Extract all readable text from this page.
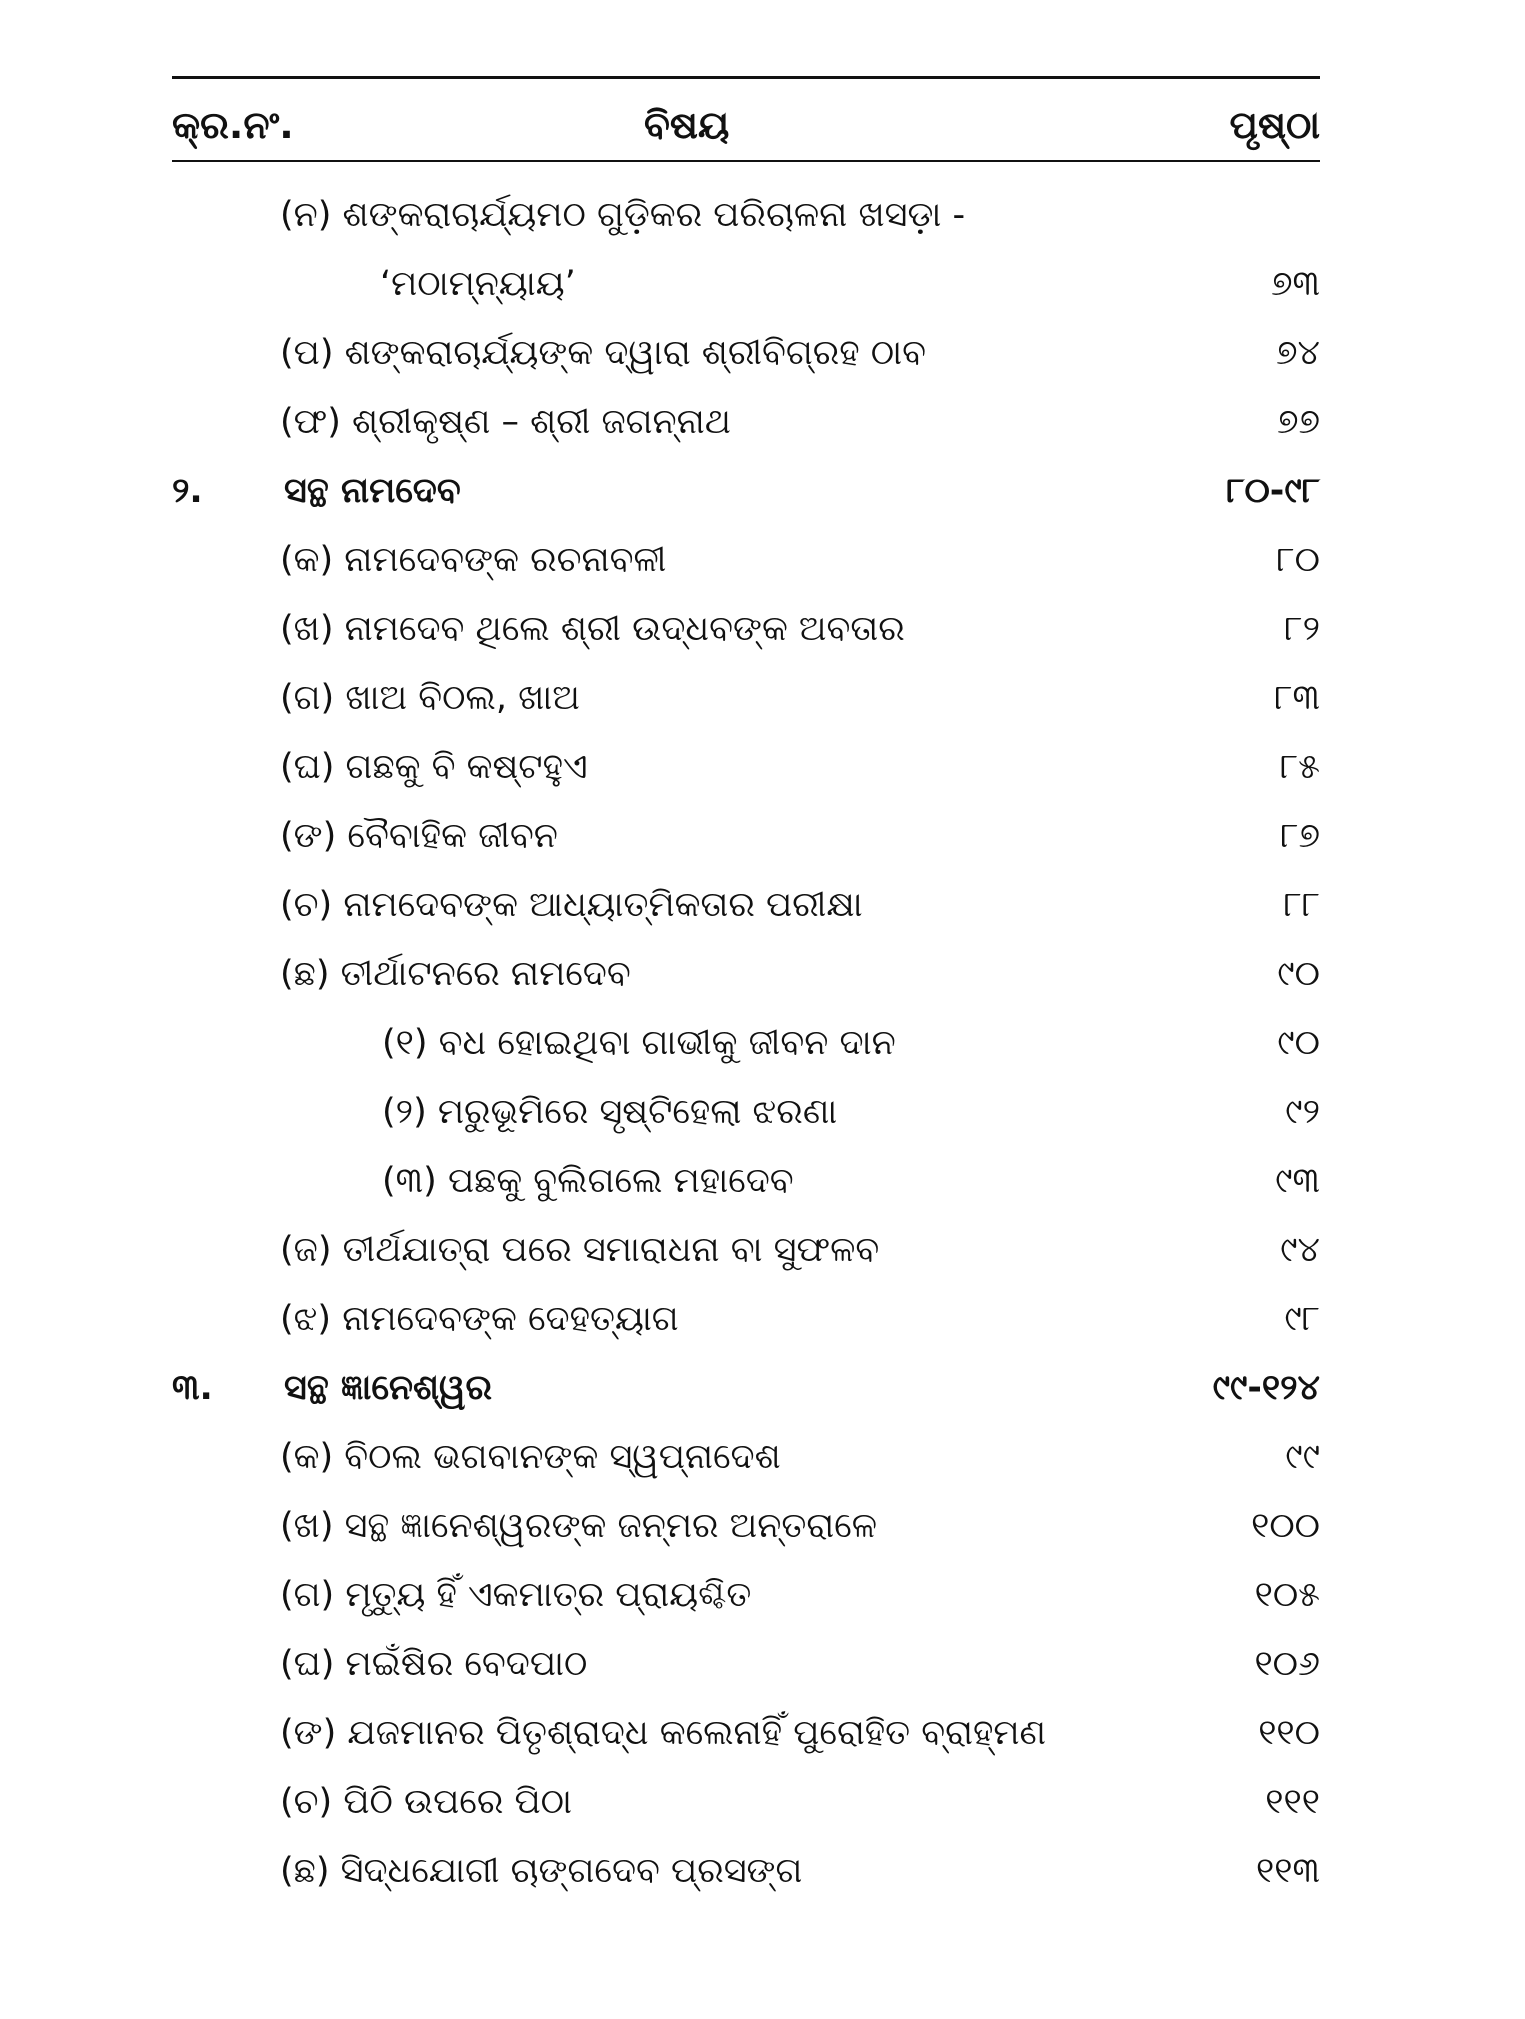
କ୍ର.ନଂ.	ବିଷୟ	ପୃଷ୍ଠା
(ନ) ଶଙ୍କରାଚାର୍ଯ୍ୟମଠ ଗୁଡ଼ିକର ପରିଚାଳନା ଖସଡ଼ା -
‘ମଠାମ୍ନ୍ୟାୟ’	୭୩
(ପ) ଶଙ୍କରାଚାର୍ଯ୍ୟଙ୍କ ଦ୍ୱାରା ଶ୍ରୀବିଗ୍ରହ ଠାବ	୭୪
(ଫ) ଶ୍ରୀକୃଷ୍ଣ – ଶ୍ରୀ ଜଗନ୍ନାଥ	୭୭
୨. ସନ୍ଥ ନାମଦେବ	୮୦-୯୮
(କ) ନାମଦେବଙ୍କ ରଚନାବଳୀ	୮୦
(ଖ) ନାମଦେବ ଥିଲେ ଶ୍ରୀ ଉଦ୍ଧବଙ୍କ ଅବତାର	୮୨
(ଗ) ଖାଅ ବିଠଲ, ଖାଅ	୮୩
(ଘ) ଗଛକୁ ବି କଷ୍ଟହୁଏ	୮୫
(ଙ) ବୈବାହିକ ଜୀବନ	୮୭
(ଚ) ନାମଦେବଙ୍କ ଆଧ୍ୟାତ୍ମିକତାର ପରୀକ୍ଷା	୮୮
(ଛ) ତୀର୍ଥାଟନରେ ନାମଦେବ	୯୦
(୧) ବଧ ହୋଇଥିବା ଗାଭୀକୁ ଜୀବନ ଦାନ	୯୦
(୨) ମରୁଭୂମିରେ ସୃଷ୍ଟିହେଲା ଝରଣା	୯୨
(୩) ପଛକୁ ବୁଲିଗଲେ ମହାଦେବ	୯୩
(ଜ) ତୀର୍ଥଯାତ୍ରା ପରେ ସମାରାଧନା ବା ସୁଫଳବ	୯୪
(ଝ) ନାମଦେବଙ୍କ ଦେହତ୍ୟାଗ	୯୮
୩. ସନ୍ଥ ଜ୍ଞାନେଶ୍ୱର	୯୯-୧୨୪
(କ) ବିଠଲ ଭଗବାନଙ୍କ ସ୍ୱପ୍ନାଦେଶ	୯୯
(ଖ) ସନ୍ଥ ଜ୍ଞାନେଶ୍ୱରଙ୍କ ଜନ୍ମର ଅନ୍ତରାଳେ	୧୦୦
(ଗ) ମୃତ୍ୟୁ ହିଁ ଏକମାତ୍ର ପ୍ରାୟଶ୍ଚିତ	୧୦୫
(ଘ) ମଇଁଷିର ବେଦପାଠ	୧୦୬
(ଙ) ଯଜମାନର ପିତୃଶ୍ରାଦ୍ଧ କଲେନାହିଁ ପୁରୋହିତ ବ୍ରାହ୍ମଣ	୧୧୦
(ଚ) ପିଠି ଉପରେ ପିଠା	୧୧୧
(ଛ) ସିଦ୍ଧଯୋଗୀ ଚାଙ୍ଗଦେବ ପ୍ରସଙ୍ଗ	୧୧୩
